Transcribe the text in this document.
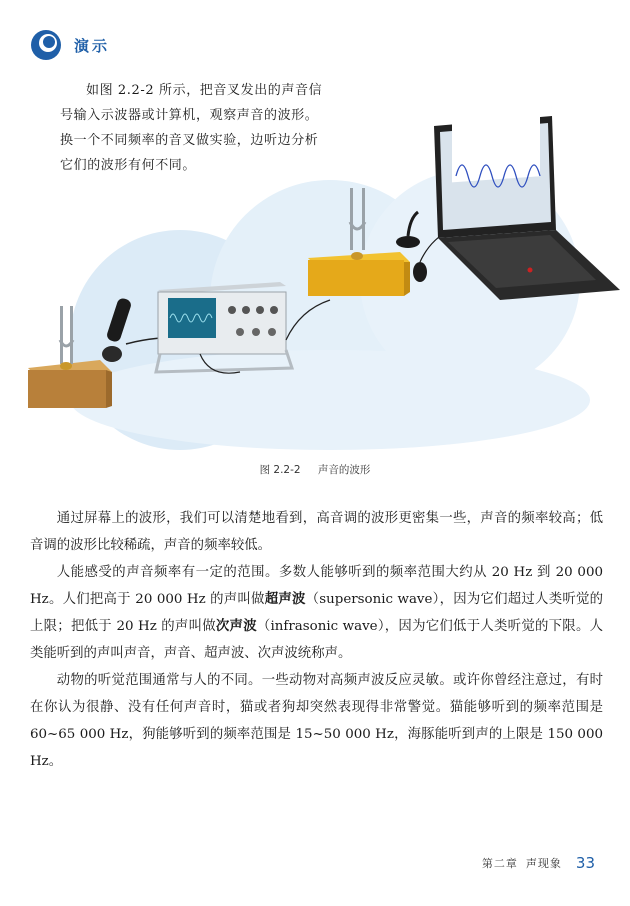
演示

如图 2.2-2 所示，把音叉发出的声音信号输入示波器或计算机，观察声音的波形。换一个不同频率的音叉做实验，边听边分析它们的波形有何不同。

图 2.2-2 声音的波形

通过屏幕上的波形，我们可以清楚地看到，高音调的波形更密集一些，声音的频率较高；低音调的波形比较稀疏，声音的频率较低。

人能感受的声音频率有一定的范围。多数人能够听到的频率范围大约从 20 Hz 到 20 000 Hz。人们把高于 20 000 Hz 的声叫做超声波（supersonic wave），因为它们超过人类听觉的上限；把低于 20 Hz 的声叫做次声波（infrasonic wave），因为它们低于人类听觉的下限。人类能听到的声叫声音，声音、超声波、次声波统称声。

动物的听觉范围通常与人的不同。一些动物对高频声波反应灵敏。或许你曾经注意过，有时在你认为很静、没有任何声音时，猫或者狗却突然表现得非常警觉。猫能够听到的频率范围是 60~65 000 Hz，狗能够听到的频率范围是 15~50 000 Hz，海豚能听到声的上限是 150 000 Hz。

第二章 声现象 33
